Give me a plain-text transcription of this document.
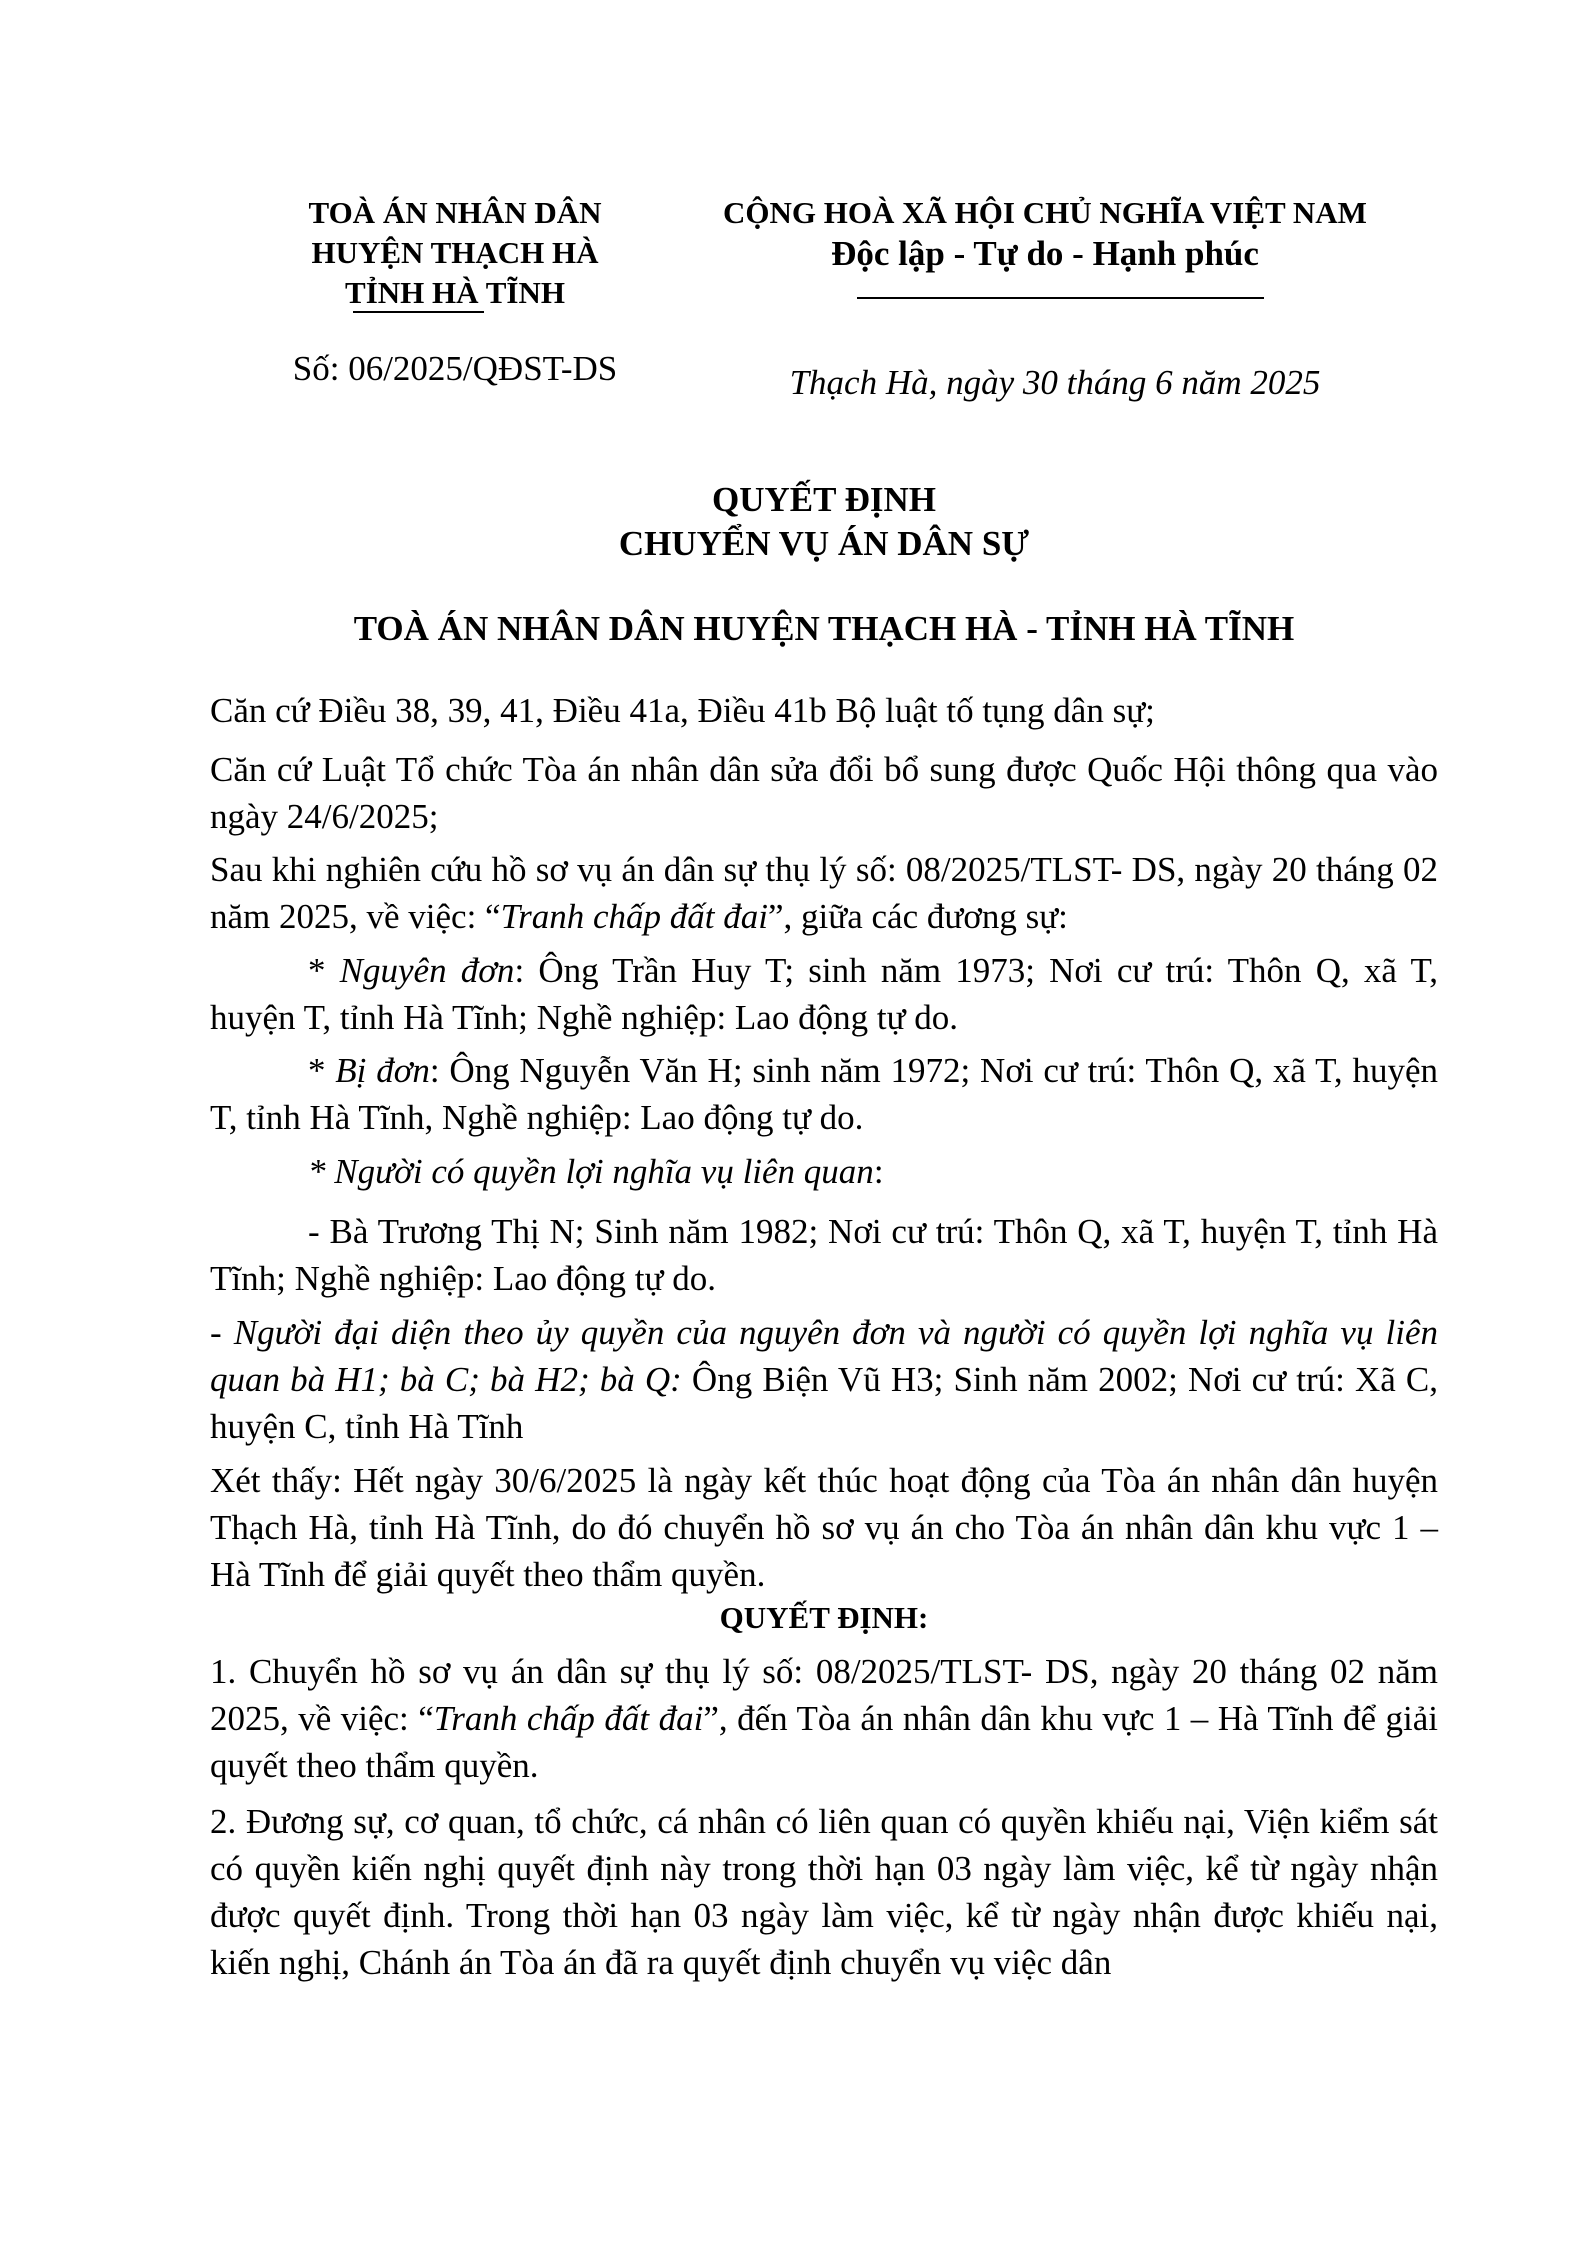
TOÀ ÁN NHÂN DÂN
HUYỆN THẠCH HÀ
TỈNH HÀ TĨNH
Số: 06/2025/QĐST-DS
CỘNG HOÀ XÃ HỘI CHỦ NGHĨA VIỆT NAM
Độc lập - Tự do - Hạnh phúc
Thạch Hà, ngày 30 tháng 6 năm 2025
QUYẾT ĐỊNH
CHUYỂN VỤ ÁN DÂN SỰ
TOÀ ÁN NHÂN DÂN HUYỆN THẠCH HÀ - TỈNH HÀ TĨNH
Căn cứ Điều 38, 39, 41, Điều 41a, Điều 41b Bộ luật tố tụng dân sự;
Căn cứ Luật Tổ chức Tòa án nhân dân sửa đổi bổ sung được Quốc Hội thông qua vào ngày 24/6/2025;
Sau khi nghiên cứu hồ sơ vụ án dân sự thụ lý số: 08/2025/TLST- DS, ngày 20 tháng 02 năm 2025, về việc: “Tranh chấp đất đai”, giữa các đương sự:
* Nguyên đơn: Ông Trần Huy T; sinh năm 1973; Nơi cư trú: Thôn Q, xã T, huyện T, tỉnh Hà Tĩnh; Nghề nghiệp: Lao động tự do.
* Bị đơn: Ông Nguyễn Văn H; sinh năm 1972; Nơi cư trú: Thôn Q, xã T, huyện T, tỉnh Hà Tĩnh, Nghề nghiệp: Lao động tự do.
* Người có quyền lợi nghĩa vụ liên quan:
- Bà Trương Thị N; Sinh năm 1982; Nơi cư trú: Thôn Q, xã T, huyện T, tỉnh Hà Tĩnh; Nghề nghiệp: Lao động tự do.
- Người đại diện theo ủy quyền của nguyên đơn và người có quyền lợi nghĩa vụ liên quan bà H1; bà C; bà H2; bà Q: Ông Biện Vũ H3; Sinh năm 2002; Nơi cư trú: Xã C, huyện C, tỉnh Hà Tĩnh
Xét thấy: Hết ngày 30/6/2025 là ngày kết thúc hoạt động của Tòa án nhân dân huyện Thạch Hà, tỉnh Hà Tĩnh, do đó chuyển hồ sơ vụ án cho Tòa án nhân dân khu vực 1 – Hà Tĩnh để giải quyết theo thẩm quyền.
QUYẾT ĐỊNH:
1. Chuyển hồ sơ vụ án dân sự thụ lý số: 08/2025/TLST- DS, ngày 20 tháng 02 năm 2025, về việc: “Tranh chấp đất đai”, đến Tòa án nhân dân khu vực 1 – Hà Tĩnh để giải quyết theo thẩm quyền.
2. Đương sự, cơ quan, tổ chức, cá nhân có liên quan có quyền khiếu nại, Viện kiểm sát có quyền kiến nghị quyết định này trong thời hạn 03 ngày làm việc, kể từ ngày nhận được quyết định. Trong thời hạn 03 ngày làm việc, kể từ ngày nhận được khiếu nại, kiến nghị, Chánh án Tòa án đã ra quyết định chuyển vụ việc dân
